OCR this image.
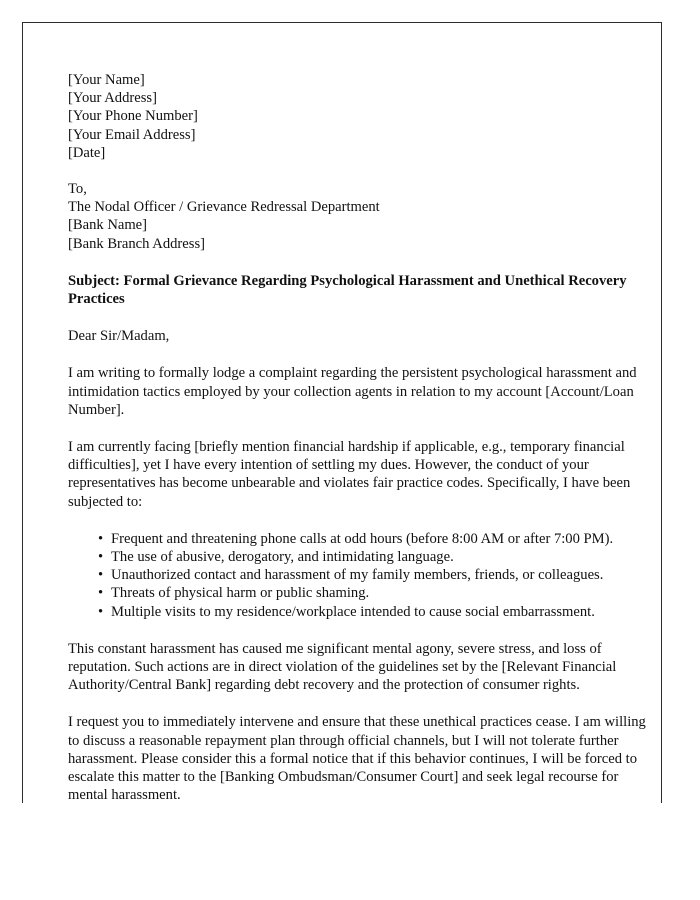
[Your Name]
[Your Address]
[Your Phone Number]
[Your Email Address]
[Date]
To,
The Nodal Officer / Grievance Redressal Department
[Bank Name]
[Bank Branch Address]

Subject: Formal Grievance Regarding Psychological Harassment and Unethical Recovery Practices

Dear Sir/Madam,

I am writing to formally lodge a complaint regarding the persistent psychological harassment and intimidation tactics employed by your collection agents in relation to my account [Account/Loan Number].

I am currently facing [briefly mention financial hardship if applicable, e.g., temporary financial difficulties], yet I have every intention of settling my dues. However, the conduct of your representatives has become unbearable and violates fair practice codes. Specifically, I have been subjected to:

• Frequent and threatening phone calls at odd hours (before 8:00 AM or after 7:00 PM).
• The use of abusive, derogatory, and intimidating language.
• Unauthorized contact and harassment of my family members, friends, or colleagues.
• Threats of physical harm or public shaming.
• Multiple visits to my residence/workplace intended to cause social embarrassment.

This constant harassment has caused me significant mental agony, severe stress, and loss of reputation. Such actions are in direct violation of the guidelines set by the [Relevant Financial Authority/Central Bank] regarding debt recovery and the protection of consumer rights.

I request you to immediately intervene and ensure that these unethical practices cease. I am willing to discuss a reasonable repayment plan through official channels, but I will not tolerate further harassment. Please consider this a formal notice that if this behavior continues, I will be forced to escalate this matter to the [Banking Ombudsman/Consumer Court] and seek legal recourse for mental harassment.
